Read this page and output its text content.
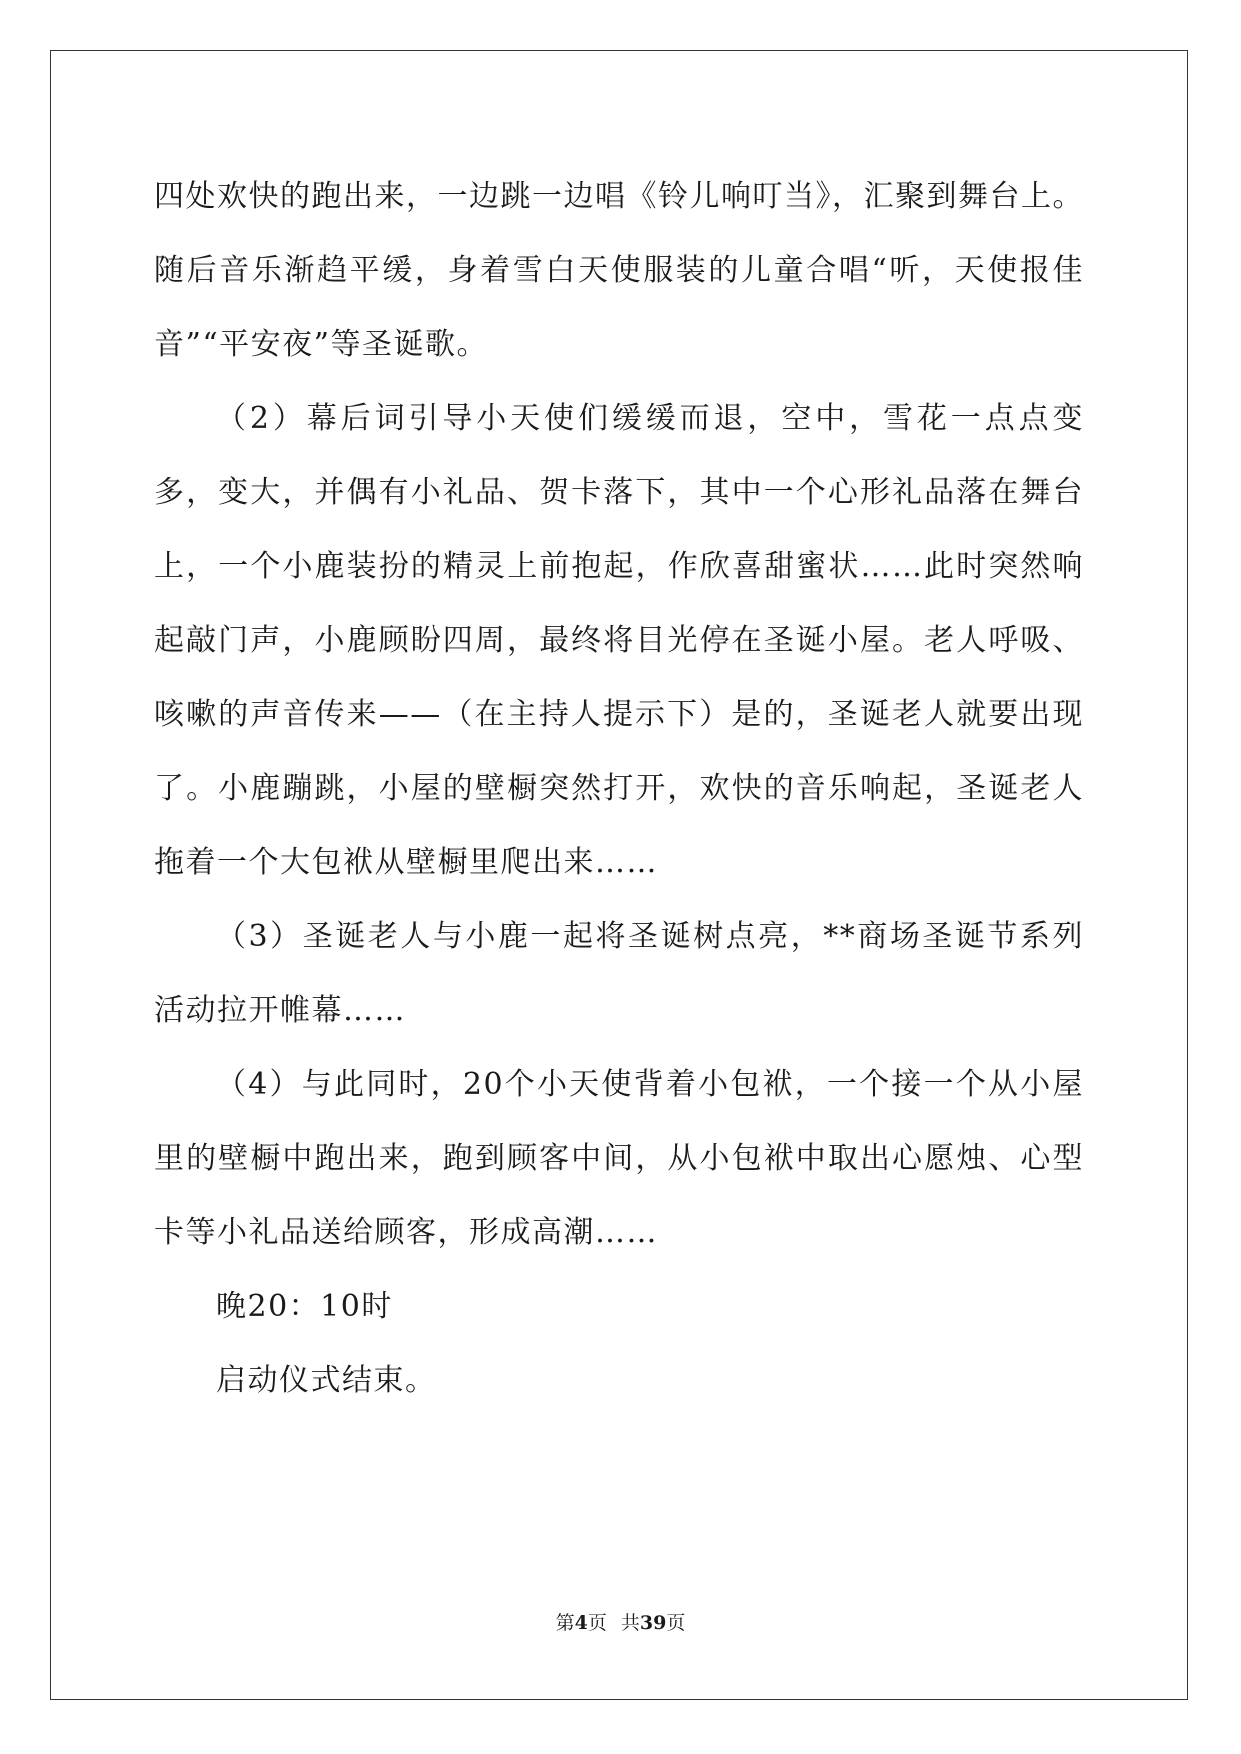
四处欢快的跑出来，一边跳一边唱《铃儿响叮当》，汇聚到舞台上。随后音乐渐趋平缓，身着雪白天使服装的儿童合唱“听，天使报佳音”“平安夜”等圣诞歌。

（2）幕后词引导小天使们缓缓而退，空中，雪花一点点变多，变大，并偶有小礼品、贺卡落下，其中一个心形礼品落在舞台上，一个小鹿装扮的精灵上前抱起，作欣喜甜蜜状……此时突然响起敲门声，小鹿顾盼四周，最终将目光停在圣诞小屋。老人呼吸、咳嗽的声音传来——（在主持人提示下）是的，圣诞老人就要出现了。小鹿蹦跳，小屋的壁橱突然打开，欢快的音乐响起，圣诞老人拖着一个大包袱从壁橱里爬出来……

（3）圣诞老人与小鹿一起将圣诞树点亮，**商场圣诞节系列活动拉开帷幕……

（4）与此同时，20个小天使背着小包袱，一个接一个从小屋里的壁橱中跑出来，跑到顾客中间，从小包袱中取出心愿烛、心型卡等小礼品送给顾客，形成高潮……

晚20：10时

启动仪式结束。

第4页 共39页
